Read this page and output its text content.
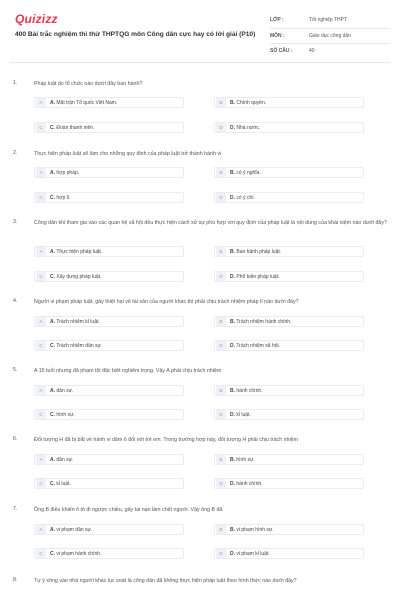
Quizizz
400 Bài trắc nghiệm thi thử THPTQG môn Công dân cực hay có lời giải (P10)
LỚP :	Tốt nghiệp THPT
MÔN :	Giáo dục công dân
SỐ CÂU :	40
1.	Pháp luật do tổ chức nào dưới đây ban hành?
A	A. Mặt trận Tổ quốc Việt Nam.	B	B. Chính quyền.
C	C. Đoàn thanh niên.	D	D. Nhà nước.
2.	Thực hiện pháp luật sẽ làm cho những quy định của pháp luật trở thành hành vi
A	A. hợp pháp.	B	B. có ý nghĩa.
C	C. hợp lí.	D	D. có ý chí.
3.	Công dân khi tham gia vào các quan hệ xã hội đều thực hiện cách xử sự phù hợp với quy định của pháp luật là nội dung của khái niệm nào dưới đây?
A	A. Thực hiện pháp luật.	B	B. Ban hành pháp luật.
C	C. Xây dựng pháp luật.	D	D. Phổ biến pháp luật.
4.	Người vi phạm pháp luật, gây thiệt hại về tài sản của người khác thì phải chịu trách nhiệm pháp lí nào dưới đây?
A	A. Trách nhiệm kỉ luật.	B	B. Trách nhiệm hành chính.
C	C. Trách nhiệm dân sự.	D	D. Trách nhiệm xã hội.
5.	A 15 tuổi nhưng đã phạm tội đặc biệt nghiêm trọng. Vậy A phải chịu trách nhiệm
A	A. dân sự.	B	B. hành chính.
C	C. hình sự.	D	D. kỉ luật.
6.	Đối tượng H đã bị bắt về hành vi dâm ô đối với trẻ em. Trong trường hợp này, đối tượng H phải chịu trách nhiệm
A	A. dân sự.	B	B. hình sự.
C	C. kỉ luật.	D	D. hành chính.
7.	Ông B điều khiển ô tô đi ngược chiều, gây tai nạn làm chết người. Vậy ông B đã
A	A. vi phạm dân sự.	B	B. vi phạm hình sự.
C	C. vi phạm hành chính.	D	D. vi phạm kỉ luật.
8.	Tự ý xông vào nhà người khác lục soát là công dân đã không thực hiện pháp luật theo hình thức nào dưới đây?
